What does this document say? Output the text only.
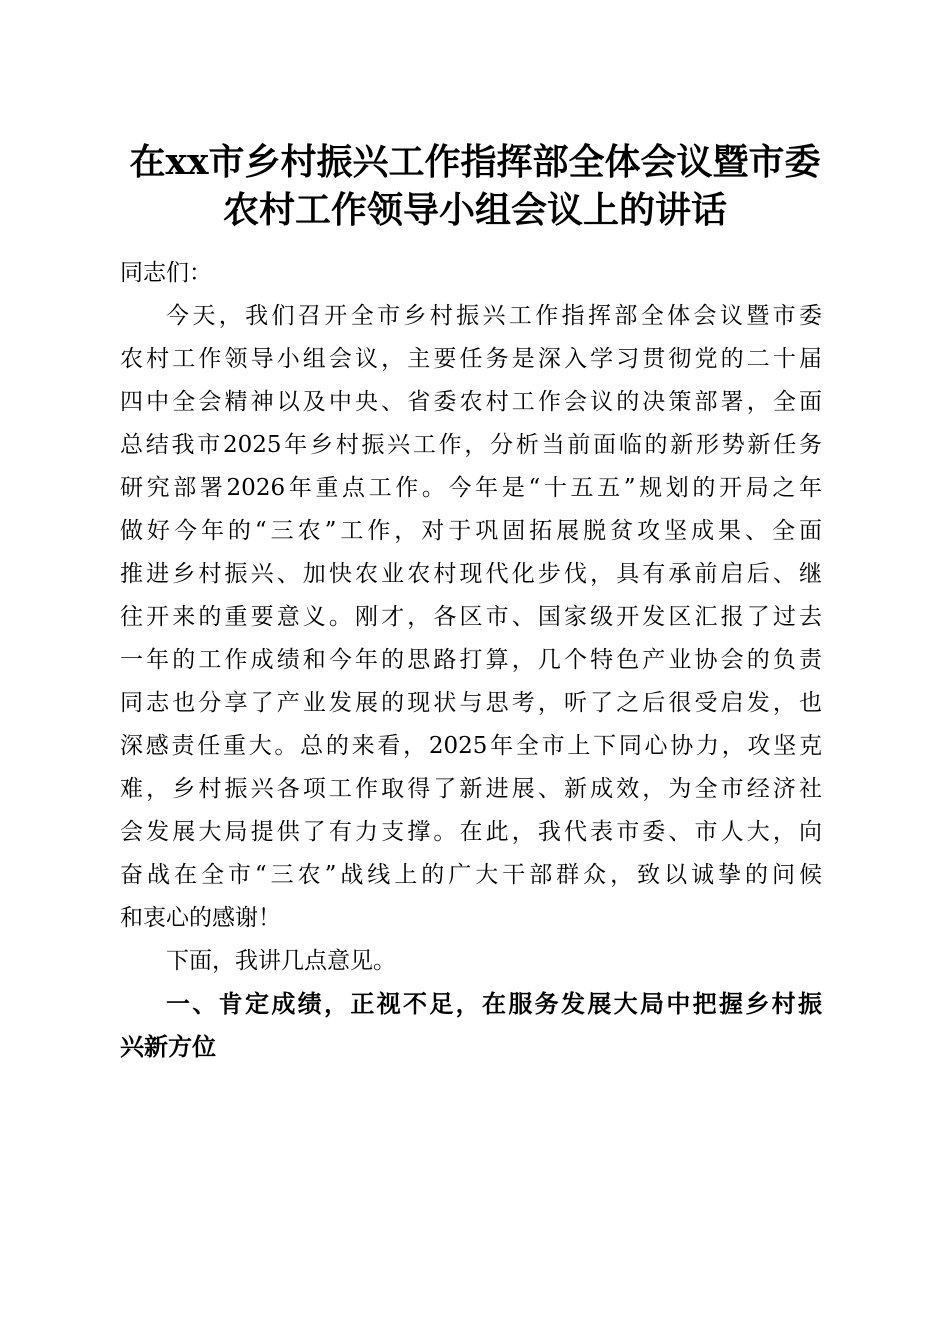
在xx市乡村振兴工作指挥部全体会议暨市委
农村工作领导小组会议上的讲话
同志们：
今天，我们召开全市乡村振兴工作指挥部全体会议暨市委
农村工作领导小组会议，主要任务是深入学习贯彻党的二十届
四中全会精神以及中央、省委农村工作会议的决策部署，全面
总结我市2025年乡村振兴工作，分析当前面临的新形势新任务
研究部署2026年重点工作。今年是“十五五”规划的开局之年
做好今年的“三农”工作，对于巩固拓展脱贫攻坚成果、全面
推进乡村振兴、加快农业农村现代化步伐，具有承前启后、继
往开来的重要意义。刚才，各区市、国家级开发区汇报了过去
一年的工作成绩和今年的思路打算，几个特色产业协会的负责
同志也分享了产业发展的现状与思考，听了之后很受启发，也
深感责任重大。总的来看，2025年全市上下同心协力，攻坚克
难，乡村振兴各项工作取得了新进展、新成效，为全市经济社
会发展大局提供了有力支撑。在此，我代表市委、市人大，向
奋战在全市“三农”战线上的广大干部群众，致以诚挚的问候
和衷心的感谢！
下面，我讲几点意见。
一、肯定成绩，正视不足，在服务发展大局中把握乡村振
兴新方位
